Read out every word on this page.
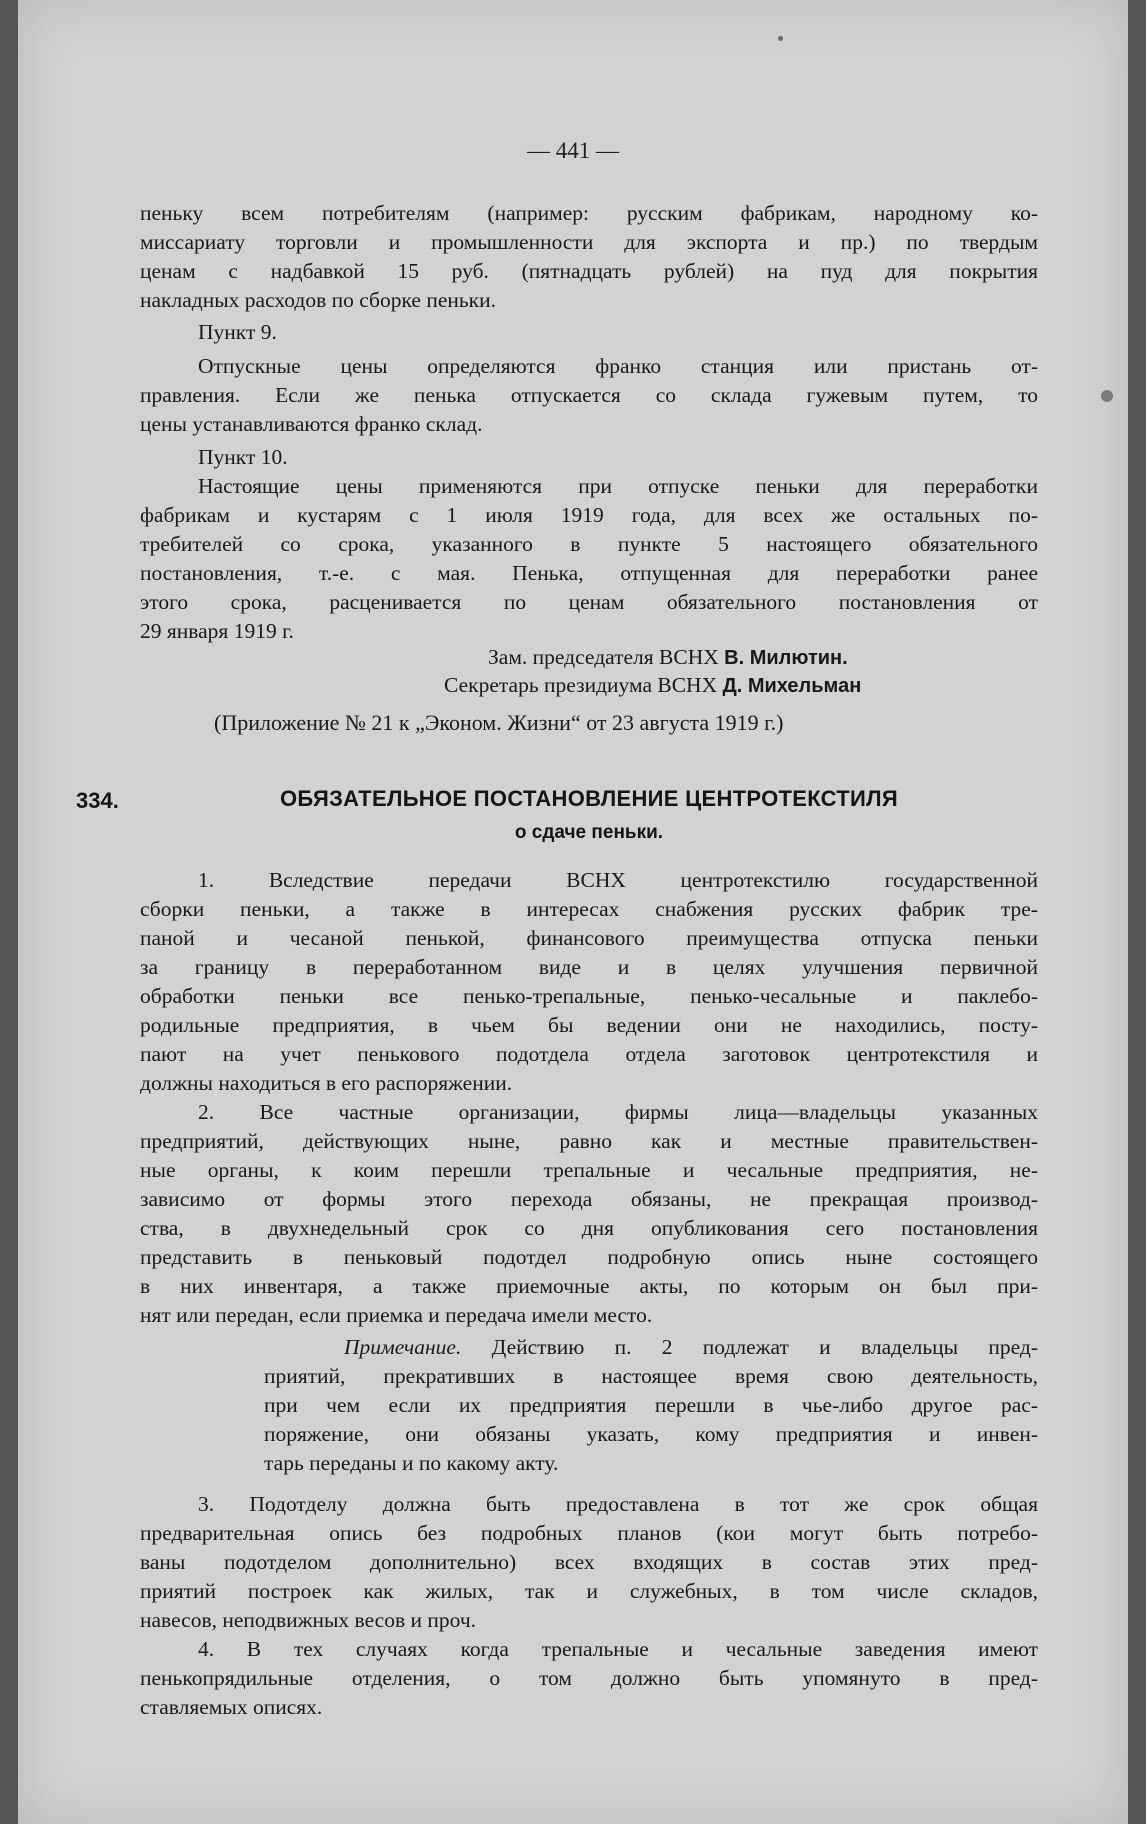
— 441 —

пеньку всем потребителям (например: русским фабрикам, народному ко-

миссариату торговли и промышленности для экспорта и пр.) по твердым

ценам с надбавкой 15 руб. (пятнадцать рублей) на пуд для покрытия

накладных расходов по сборке пеньки.

Пункт 9.

Отпускные цены определяются франко станция или пристань от-

правления. Если же пенька отпускается со склада гужевым путем, то

цены устанавливаются франко склад.

Пункт 10.

Настоящие цены применяются при отпуске пеньки для переработки

фабрикам и кустарям с 1 июля 1919 года, для всех же остальных по-

требителей со срока, указанного в пункте 5 настоящего обязательного

постановления, т.-е. с мая. Пенька, отпущенная для переработки ранее

этого срока, расценивается по ценам обязательного постановления от

29 января 1919 г.

Зам. председателя ВСНХ В. Милютин.
Секретарь президиума ВСНХ Д. Михельман
(Приложение № 21 к „Эконом. Жизни“ от 23 августа 1919 г.)
334.	ОБЯЗАТЕЛЬНОЕ ПОСТАНОВЛЕНИЕ ЦЕНТРОТЕКСТИЛЯ
о сдаче пеньки.

1. Вследствие передачи ВСНХ центротекстилю государственной

сборки пеньки, а также в интересах снабжения русских фабрик тре-

паной и чесаной пенькой, финансового преимущества отпуска пеньки

за границу в переработанном виде и в целях улучшения первичной

обработки пеньки все пенько-трепальные, пенько-чесальные и паклебо-

родильные предприятия, в чьем бы ведении они не находились, посту-

пают на учет пенькового подотдела отдела заготовок центротекстиля и

должны находиться в его распоряжении.

2. Все частные организации, фирмы лица—владельцы указанных

предприятий, действующих ныне, равно как и местные правительствен-

ные органы, к коим перешли трепальные и чесальные предприятия, не-

зависимо от формы этого перехода обязаны, не прекращая производ-

ства, в двухнедельный срок со дня опубликования сего постановления

представить в пеньковый подотдел подробную опись ныне состоящего

в них инвентаря, а также приемочные акты, по которым он был при-

нят или передан, если приемка и передача имели место.

Примечание. Действию п. 2 подлежат и владельцы пред-

приятий, прекративших в настоящее время свою деятельность,

при чем если их предприятия перешли в чье-либо другое рас-

поряжение, они обязаны указать, кому предприятия и инвен-

тарь переданы и по какому акту.

3. Подотделу должна быть предоставлена в тот же срок общая

предварительная опись без подробных планов (кои могут быть потребо-

ваны подотделом дополнительно) всех входящих в состав этих пред-

приятий построек как жилых, так и служебных, в том числе складов,

навесов, неподвижных весов и проч.

4. В тех случаях когда трепальные и чесальные заведения имеют

пенькопрядильные отделения, о том должно быть упомянуто в пред-

ставляемых описях.
